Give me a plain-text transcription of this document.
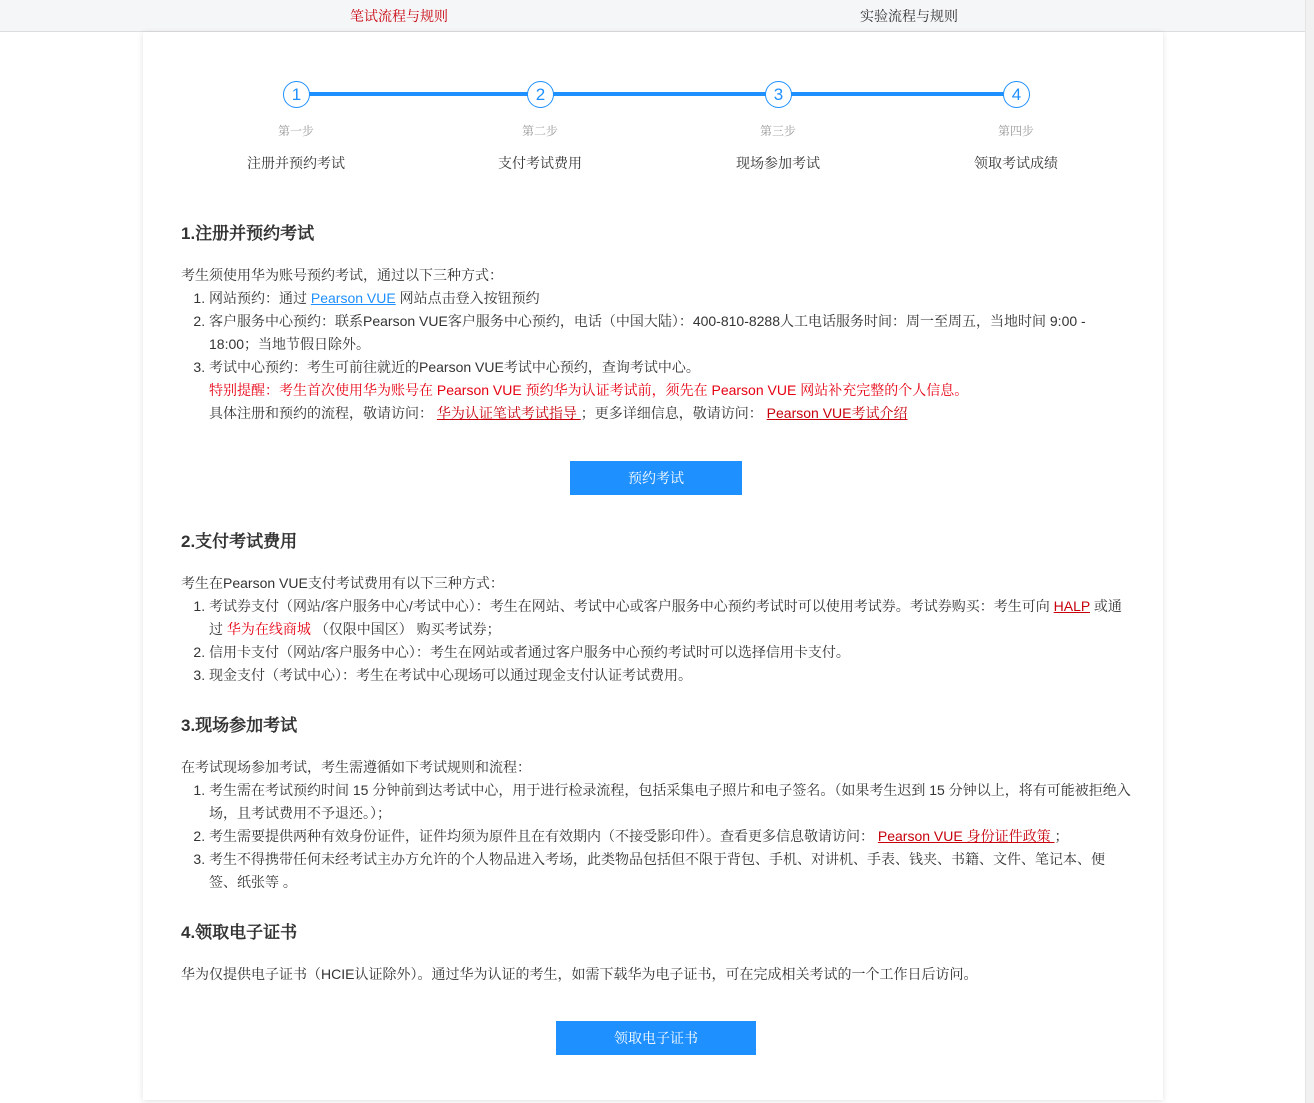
笔试流程与规则	实验流程与规则
1	2	3	4
第一步	第二步	第三步	第四步
注册并预约考试	支付考试费用	现场参加考试	领取考试成绩
1.注册并预约考试

考生须使用华为账号预约考试，通过以下三种方式：

1. 网站预约：通过 Pearson VUE 网站点击登入按钮预约
2. 客户服务中心预约：联系Pearson VUE客户服务中心预约，电话（中国大陆）：400-810-8288人工电话服务时间：周一至周五，当地时间 9:00 - 18:00；当地节假日除外。
3. 考试中心预约：考生可前往就近的Pearson VUE考试中心预约，查询考试中心。

特别提醒：考生首次使用华为账号在 Pearson VUE 预约华为认证考试前，须先在 Pearson VUE 网站补充完整的个人信息。

具体注册和预约的流程，敬请访问： 华为认证笔试考试指导 ；更多详细信息，敬请访问： Pearson VUE考试介绍

预约考试
2.支付考试费用

考生在Pearson VUE支付考试费用有以下三种方式：

1. 考试券支付（网站/客户服务中心/考试中心）：考生在网站、考试中心或客户服务中心预约考试时可以使用考试券。考试券购买：考生可向 HALP 或通过 华为在线商城 （仅限中国区） 购买考试券；
2. 信用卡支付（网站/客户服务中心）：考生在网站或者通过客户服务中心预约考试时可以选择信用卡支付。
3. 现金支付（考试中心）：考生在考试中心现场可以通过现金支付认证考试费用。
3.现场参加考试

在考试现场参加考试，考生需遵循如下考试规则和流程：

1. 考生需在考试预约时间 15 分钟前到达考试中心，用于进行检录流程，包括采集电子照片和电子签名。（如果考生迟到 15 分钟以上，将有可能被拒绝入场，且考试费用不予退还。）；
2. 考生需要提供两种有效身份证件，证件均须为原件且在有效期内（不接受影印件）。查看更多信息敬请访问： Pearson VUE 身份证件政策 ；
3. 考生不得携带任何未经考试主办方允许的个人物品进入考场，此类物品包括但不限于背包、手机、对讲机、手表、钱夹、书籍、文件、笔记本、便签、纸张等 。
4.领取电子证书

华为仅提供电子证书（HCIE认证除外）。通过华为认证的考生，如需下载华为电子证书，可在完成相关考试的一个工作日后访问。

领取电子证书
